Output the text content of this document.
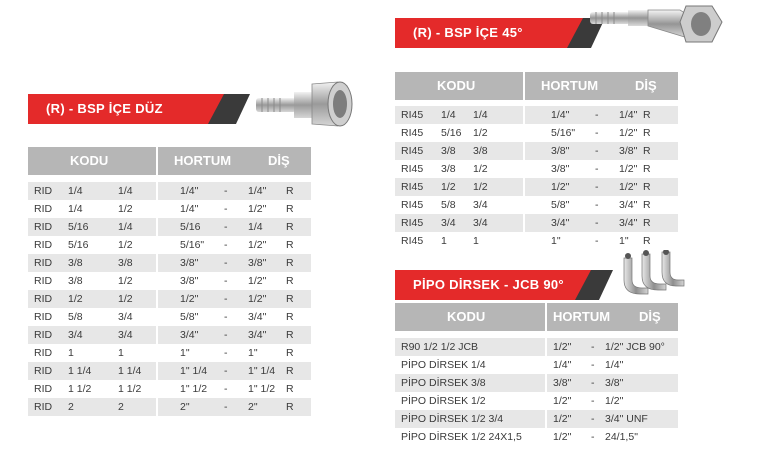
(R) - BSP İÇE DÜZ
KODU	HORTUM	DİŞ
RID 1/4	1/4	1/4" - 1/4" R
RID 1/4	1/2	1/4" - 1/2" R
RID 5/16	1/4	5/16 - 1/4 R
RID 5/16	1/2	5/16" - 1/2" R
RID 3/8	3/8	3/8" - 3/8" R
RID 3/8	1/2	3/8" - 1/2" R
RID 1/2	1/2	1/2" - 1/2" R
RID 5/8	3/4	5/8" - 3/4" R
RID 3/4	3/4	3/4" - 3/4" R
RID 1	1	1"	- 1"	R
RID 1 1/4	1 1/4	1" 1/4 - 1" 1/4 R
RID 1 1/2	1 1/2	1" 1/2 - 1" 1/2 R
RID 2	2	2"	- 2"	R
(R) - BSP İÇE 45°
KODU	HORTUM	DİŞ
RI45 1/4 1/4	1/4" - 1/4" R
RI45 5/16 1/2	5/16" - 1/2" R
RI45 3/8 3/8	3/8" - 3/8" R
RI45 3/8 1/2	3/8" - 1/2" R
RI45 1/2 1/2	1/2" - 1/2" R
RI45 5/8 3/4	5/8" - 3/4" R
RI45 3/4 3/4	3/4" - 3/4" R
RI45 1 1	1"	- 1" R
PİPO DİRSEK - JCB 90°
KODU	HORTUM DİŞ
R90 1/2 1/2 JCB	1/2" - 1/2" JCB 90°
PİPO DİRSEK 1/4	1/4" - 1/4"
PİPO DİRSEK 3/8	3/8" - 3/8"
PİPO DİRSEK 1/2	1/2" - 1/2"
PİPO DİRSEK 1/2 3/4	1/2" - 3/4" UNF
PİPO DİRSEK 1/2 24X1,5	1/2" - 24/1,5"
